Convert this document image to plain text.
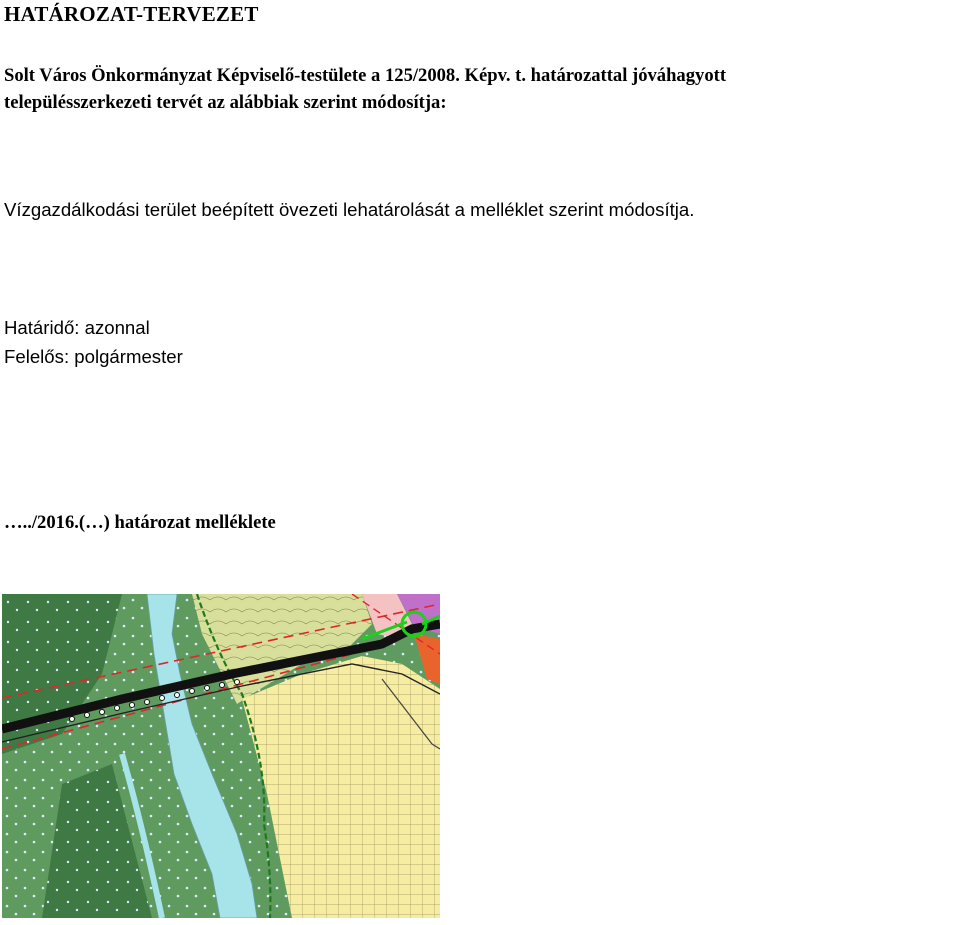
HATÁROZAT-TERVEZET
Solt Város Önkormányzat Képviselő-testülete a 125/2008. Képv. t. határozattal jóváhagyott
településszerkezeti tervét az alábbiak szerint módosítja:
Vízgazdálkodási terület beépített övezeti lehatárolását a melléklet szerint módosítja.
Határidő: azonnal
Felelős: polgármester
…../2016.(…) határozat melléklete
